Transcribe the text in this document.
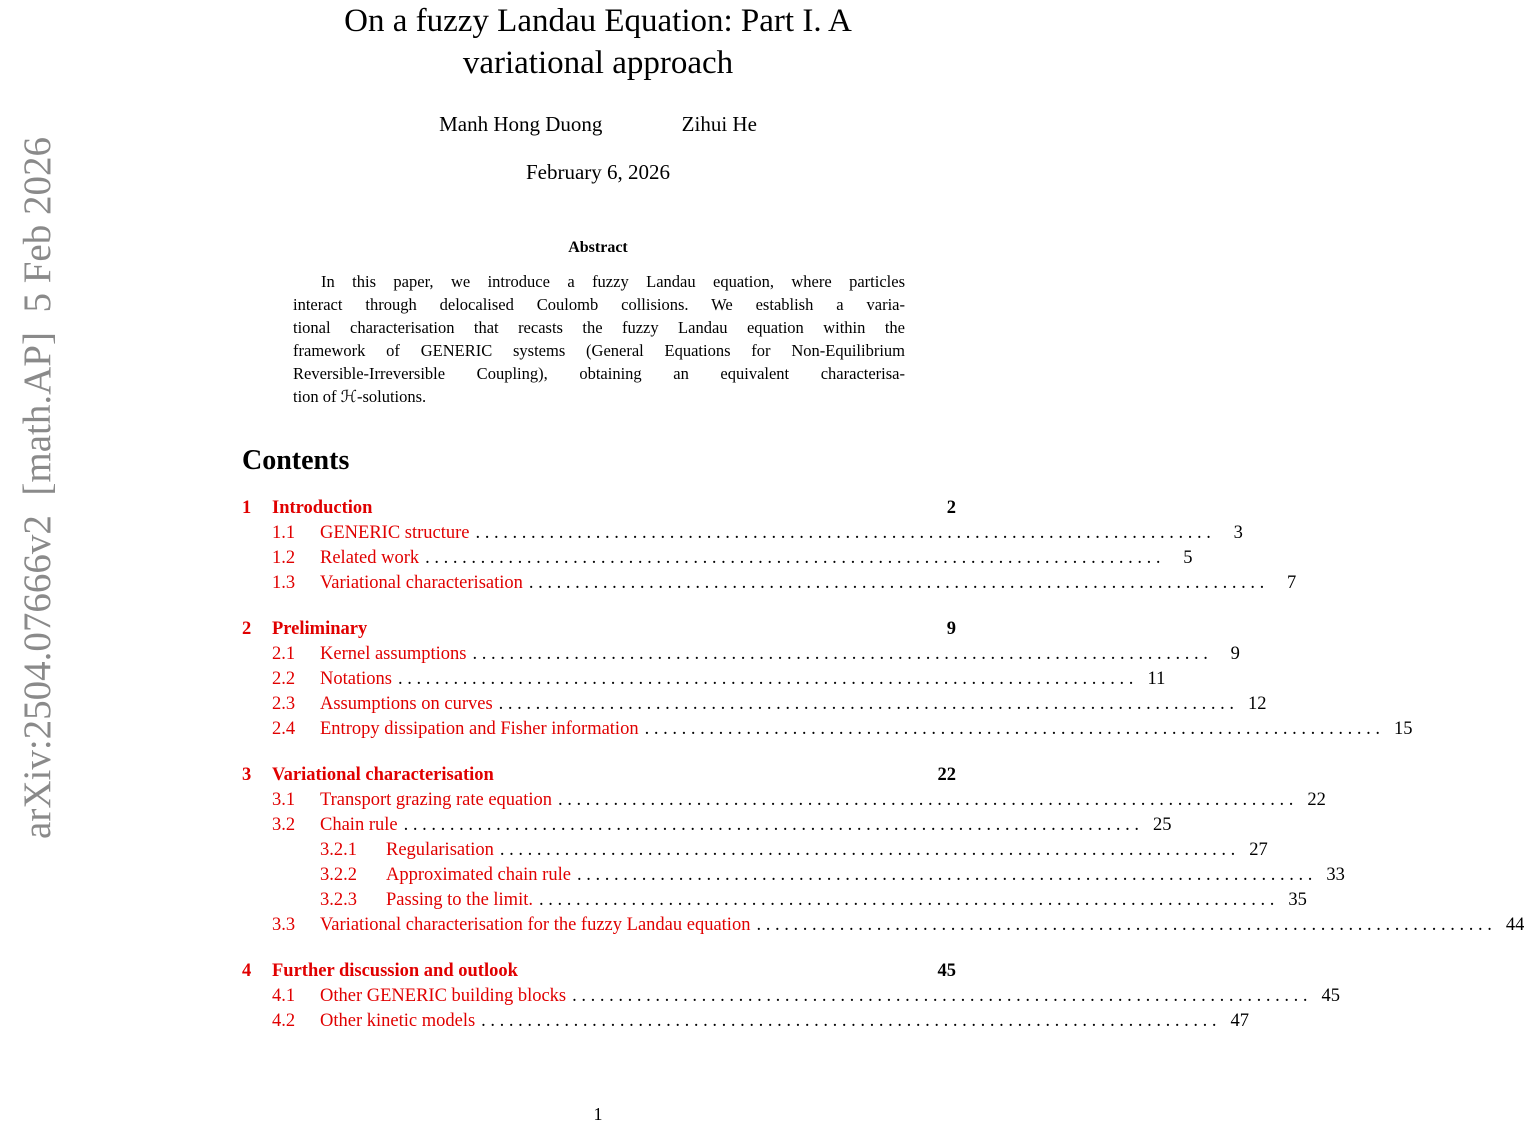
arXiv:2504.07666v2  [math.AP]  5 Feb 2026
On a fuzzy Landau Equation: Part I. A
variational approach
Manh Hong Duong	Zihui He
February 6, 2026
Abstract
In this paper, we introduce a fuzzy Landau equation, where particles
interact through delocalised Coulomb collisions. We establish a varia-
tional characterisation that recasts the fuzzy Landau equation within the
framework of GENERIC systems (General Equations for Non-Equilibrium
Reversible-Irreversible Coupling), obtaining an equivalent characterisa-
tion of ℋ-solutions.
Contents
1	Introduction	2
1.1	GENERIC structure . . . . . . . . . . . . . . . . . . . . . . . . . . . . . . . . . . . . . . . . . . . . . . . . . . . . . . . . . . . . . . . . . . . . . . . . . . . . . . . .	3
1.2	Related work . . . . . . . . . . . . . . . . . . . . . . . . . . . . . . . . . . . . . . . . . . . . . . . . . . . . . . . . . . . . . . . . . . . . . . . . . . . . . . . .	5
1.3	Variational characterisation . . . . . . . . . . . . . . . . . . . . . . . . . . . . . . . . . . . . . . . . . . . . . . . . . . . . . . . . . . . . . . . . . . . . . . . . . . . . . . . .	7
2	Preliminary	9
2.1	Kernel assumptions . . . . . . . . . . . . . . . . . . . . . . . . . . . . . . . . . . . . . . . . . . . . . . . . . . . . . . . . . . . . . . . . . . . . . . . . . . . . . . . .	9
2.2	Notations . . . . . . . . . . . . . . . . . . . . . . . . . . . . . . . . . . . . . . . . . . . . . . . . . . . . . . . . . . . . . . . . . . . . . . . . . . . . . . . . 11
2.3	Assumptions on curves . . . . . . . . . . . . . . . . . . . . . . . . . . . . . . . . . . . . . . . . . . . . . . . . . . . . . . . . . . . . . . . . . . . . . . . . . . . . . . . . 12
2.4	Entropy dissipation and Fisher information . . . . . . . . . . . . . . . . . . . . . . . . . . . . . . . . . . . . . . . . . . . . . . . . . . . . . . . . . . . . . . . . . . . . . . . . . . . . . . . . 15
3	Variational characterisation	22
3.1	Transport grazing rate equation . . . . . . . . . . . . . . . . . . . . . . . . . . . . . . . . . . . . . . . . . . . . . . . . . . . . . . . . . . . . . . . . . . . . . . . . . . . . . . . . 22
3.2	Chain rule . . . . . . . . . . . . . . . . . . . . . . . . . . . . . . . . . . . . . . . . . . . . . . . . . . . . . . . . . . . . . . . . . . . . . . . . . . . . . . . . 25
3.2.1	Regularisation . . . . . . . . . . . . . . . . . . . . . . . . . . . . . . . . . . . . . . . . . . . . . . . . . . . . . . . . . . . . . . . . . . . . . . . . . . . . . . . . 27
3.2.2	Approximated chain rule . . . . . . . . . . . . . . . . . . . . . . . . . . . . . . . . . . . . . . . . . . . . . . . . . . . . . . . . . . . . . . . . . . . . . . . . . . . . . . . . 33
3.2.3	Passing to the limit. . . . . . . . . . . . . . . . . . . . . . . . . . . . . . . . . . . . . . . . . . . . . . . . . . . . . . . . . . . . . . . . . . . . . . . . . . . . . . . . . 35
3.3	Variational characterisation for the fuzzy Landau equation . . . . . . . . . . . . . . . . . . . . . . . . . . . . . . . . . . . . . . . . . . . . . . . . . . . . . . . . . . . . . . . . . . . . . . . . . . . . . . . . 44
4	Further discussion and outlook	45
4.1	Other GENERIC building blocks . . . . . . . . . . . . . . . . . . . . . . . . . . . . . . . . . . . . . . . . . . . . . . . . . . . . . . . . . . . . . . . . . . . . . . . . . . . . . . . . 45
4.2	Other kinetic models . . . . . . . . . . . . . . . . . . . . . . . . . . . . . . . . . . . . . . . . . . . . . . . . . . . . . . . . . . . . . . . . . . . . . . . . . . . . . . . . 47
1
